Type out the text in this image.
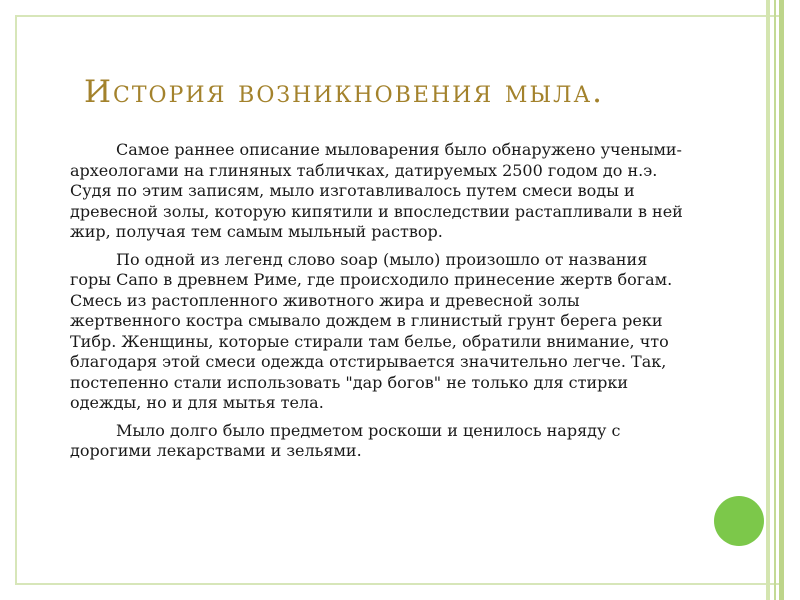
История возникновения мыла.

Самое раннее описание мыловарения было обнаружено учеными-археологами на глиняных табличках, датируемых 2500 годом до н.э. Судя по этим записям, мыло изготавливалось путем смеси воды и древесной золы, которую кипятили и впоследствии растапливали в ней жир, получая тем самым мыльный раствор.

По одной из легенд слово soap (мыло) произошло от названия горы Сапо в древнем Риме, где происходило принесение жертв богам. Смесь из растопленного животного жира и древесной золы жертвенного костра смывало дождем в глинистый грунт берега реки Тибр. Женщины, которые стирали там белье, обратили внимание, что благодаря этой смеси одежда отстирывается значительно легче. Так, постепенно стали использовать "дар богов" не только для стирки одежды, но и для мытья тела.

Мыло долго было предметом роскоши и ценилось наряду с дорогими лекарствами и зельями.
